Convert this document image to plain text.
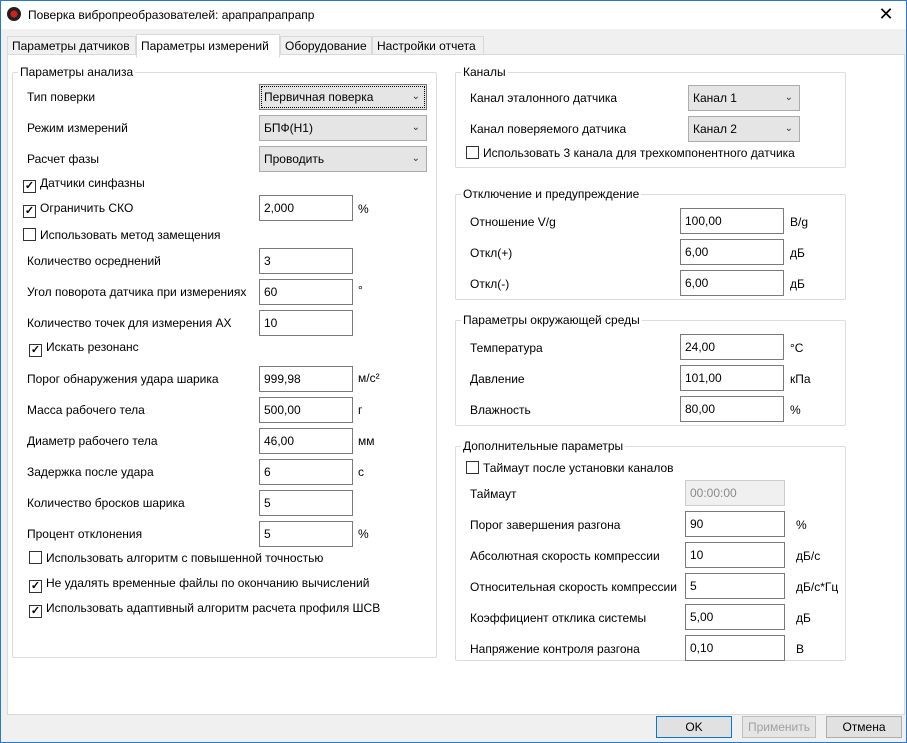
Поверка вибропреобразователей: арапрапрапрапр	✕
Параметры датчиков Параметры измерений	Оборудование Настройки отчета
Параметры анализа
Тип поверки	Первичная поверка	⌄
Режим измерений	БПФ(H1)	⌄
Расчет фазы	Проводить	⌄
✓ Датчики синфазны
✓ Ограничить СКО	2,000	%
Использовать метод замещения
Количество осреднений	3
Угол поворота датчика при измерениях	60	°
Количество точек для измерения АХ	10
✓ Искать резонанс
Порог обнаружения удара шарика	999,98	м/с²
Масса рабочего тела	500,00	г
Диаметр рабочего тела	46,00	мм
Задержка после удара	6	с
Количество бросков шарика	5
Процент отклонения	5	%
Использовать алгоритм с повышенной точностью
✓ Не удалять временные файлы по окончанию вычислений
✓ Использовать адаптивный алгоритм расчета профиля ШСВ
Каналы
Канал эталонного датчика	Канал 1	⌄
Канал поверяемого датчика	Канал 2	⌄
Использовать 3 канала для трехкомпонентного датчика
Отключение и предупреждение
Отношение V/g	100,00	B/g
Откл(+)	6,00	дБ
Откл(-)	6,00	дБ
Параметры окружающей среды
Температура	24,00	°C
Давление	101,00	кПа
Влажность	80,00	%
Дополнительные параметры
Таймаут после установки каналов
Таймаут	00:00:00
Порог завершения разгона	90	%
Абсолютная скорость компрессии	10	дБ/с
Относительная скорость компрессии	5	дБ/с*Гц
Коэффициент отклика системы	5,00	дБ
Напряжение контроля разгона	0,10	В
OK	Применить	Отмена
